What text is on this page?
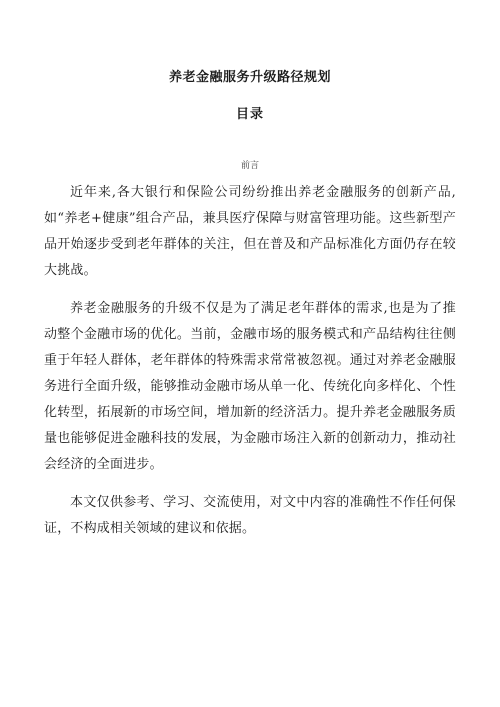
养老金融服务升级路径规划
目录
前言

近年来,各大银行和保险公司纷纷推出养老金融服务的创新产品,如“养老+健康”组合产品，兼具医疗保障与财富管理功能。这些新型产品开始逐步受到老年群体的关注，但在普及和产品标准化方面仍存在较大挑战。

养老金融服务的升级不仅是为了满足老年群体的需求,也是为了推动整个金融市场的优化。当前，金融市场的服务模式和产品结构往往侧重于年轻人群体，老年群体的特殊需求常常被忽视。通过对养老金融服务进行全面升级，能够推动金融市场从单一化、传统化向多样化、个性化转型，拓展新的市场空间，增加新的经济活力。提升养老金融服务质量也能够促进金融科技的发展，为金融市场注入新的创新动力，推动社会经济的全面进步。

本文仅供参考、学习、交流使用，对文中内容的准确性不作任何保证，不构成相关领域的建议和依据。
